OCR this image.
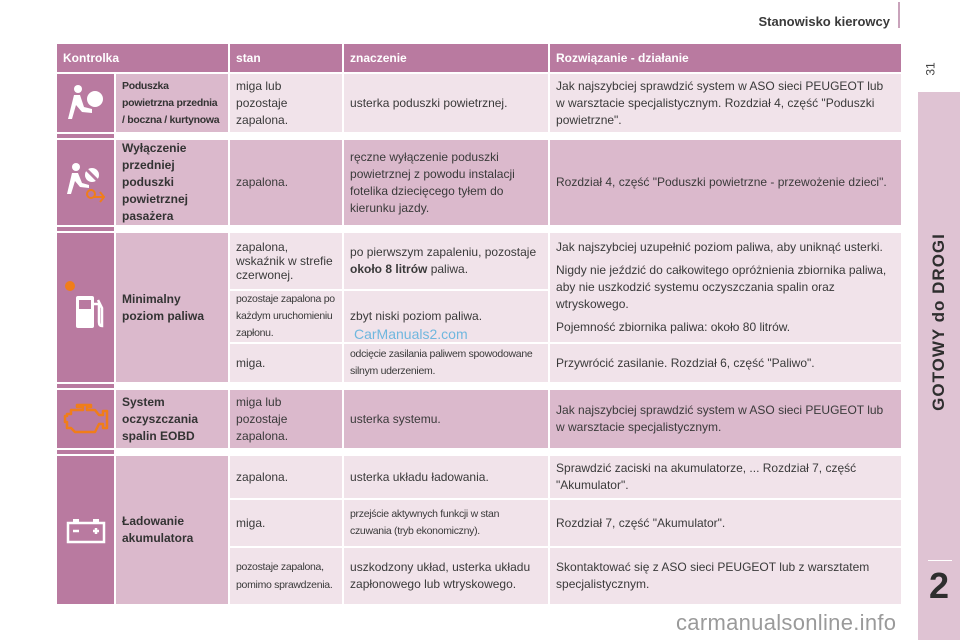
Stanowisko kierowcy
31
GOTOWY do DROGI
2
Kontrolka		stan	znaczenie	Rozwiązanie - działanie

	Poduszka powietrzna przednia / boczna / kurtynowa	miga lub pozostaje zapalona.	usterka poduszki powietrznej.	Jak najszybciej sprawdzić system w ASO sieci PEUGEOT lub w warsztacie specjalistycznym. Rozdział 4, część "Poduszki powietrzne".

	Wyłączenie przedniej poduszki powietrznej pasażera	zapalona.	ręczne wyłączenie poduszki powietrznej z powodu instalacji fotelika dziecięcego tyłem do kierunku jazdy.	Rozdział 4, część "Poduszki powietrzne - przewożenie dzieci".

	Minimalny poziom paliwa	zapalona, wskaźnik w strefie czerwonej.	po pierwszym zapaleniu, pozostaje około 8 litrów paliwa.	Jak najszybciej uzupełnić poziom paliwa, aby uniknąć usterki.

Nigdy nie jeździć do całkowitego opróżnienia zbiornika paliwa, aby nie uszkodzić systemu oczyszczania spalin oraz wtryskowego.

Pojemność zbiornika paliwa: około 80 litrów.

		pozostaje zapalona po każdym uruchomieniu zapłonu.	zbyt niski poziom paliwa.	
		miga.	odcięcie zasilania paliwem spowodowane silnym uderzeniem.	Przywrócić zasilanie. Rozdział 6, część "Paliwo".

	System oczyszczania spalin EOBD	miga lub pozostaje zapalona.	usterka systemu.	Jak najszybciej sprawdzić system w ASO sieci PEUGEOT lub w warsztacie specjalistycznym.

	Ładowanie akumulatora	zapalona.	usterka układu ładowania.	Sprawdzić zaciski na akumulatorze, ... Rozdział 7, część "Akumulator".
		miga.	przejście aktywnych funkcji w stan czuwania (tryb ekonomiczny).	Rozdział 7, część "Akumulator".
		pozostaje zapalona, pomimo sprawdzenia.	uszkodzony układ, usterka układu zapłonowego lub wtryskowego.	Skontaktować się z ASO sieci PEUGEOT lub z warsztatem specjalistycznym.
CarManuals2.com
carmanualsonline.info
